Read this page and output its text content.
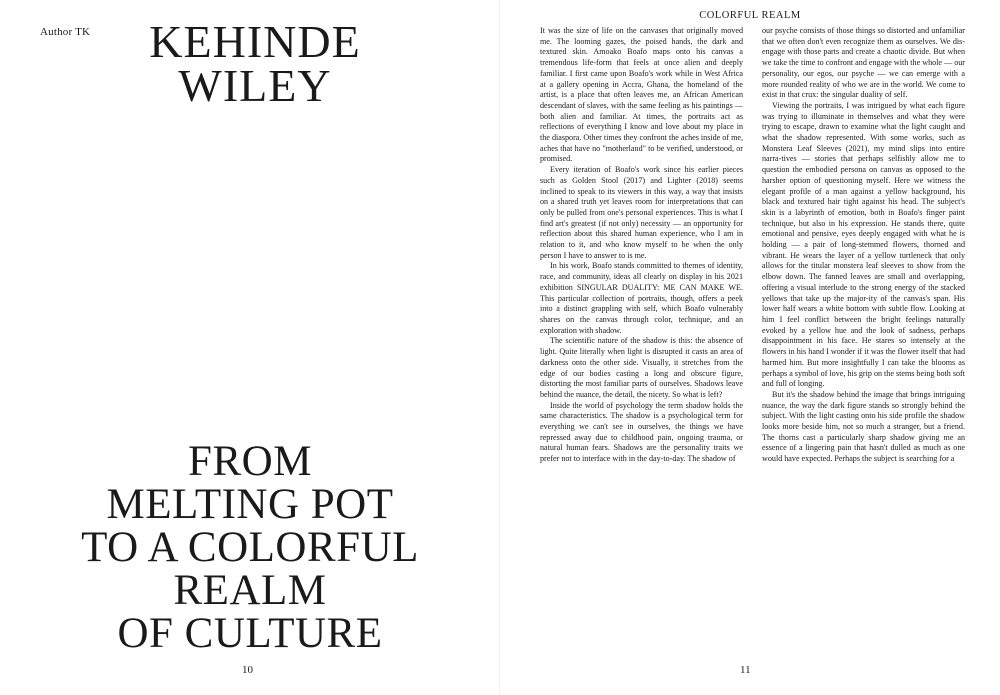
Author TK	KEHINDE
WILEY
FROM
MELTING POT
TO A COLORFUL
REALM
OF CULTURE
10
COLORFUL REALM

It was the size of life on the canvases that originally moved me. The looming gazes, the poised hands, the dark and textured skin. Amoako Boafo maps onto his canvas a tremendous life-form that feels at once alien and deeply familiar. I first came upon Boafo's work while in West Africa at a gallery opening in Accra, Ghana, the homeland of the artist, is a place that often leaves me, an African American descendant of slaves, with the same feeling as his paintings — both alien and familiar. At times, the portraits act as reflections of everything I know and love about my place in the diaspora. Other times they confront the aches inside of me, aches that have no "motherland" to be verified, understood, or promised.

Every iteration of Boafo's work since his earlier pieces such as Golden Stool (2017) and Lighter (2018) seems inclined to speak to its viewers in this way, a way that insists on a shared truth yet leaves room for interpretations that can only be pulled from one's personal experiences. This is what I find art's greatest (if not only) necessity — an opportunity for reflection about this shared human experience, who I am in relation to it, and who know myself to be when the only person I have to answer to is me.

In his work, Boafo stands committed to themes of identity, race, and community, ideas all clearly on display in his 2021 exhibition SINGULAR DUALITY: ME CAN MAKE WE. This particular collection of portraits, though, offers a peek into a distinct grappling with self, which Boafo vulnerably shares on the canvas through color, technique, and an exploration with shadow.

The scientific nature of the shadow is this: the absence of light. Quite literally when light is disrupted it casts an area of darkness onto the other side. Visually, it stretches from the edge of our bodies casting a long and obscure figure, distorting the most familiar parts of ourselves. Shadows leave behind the nuance, the detail, the nicety. So what is left?

Inside the world of psychology the term shadow holds the same characteristics. The shadow is a psychological term for everything we can't see in ourselves, the things we have repressed away due to childhood pain, ongoing trauma, or natural human fears. Shadows are the personality traits we prefer not to interface with in the day-to-day. The shadow of

our psyche consists of those things so distorted and unfamiliar that we often don't even recognize them as ourselves. We dis-engage with those parts and create a chaotic divide. But when we take the time to confront and engage with the whole — our personality, our egos, our psyche — we can emerge with a more rounded reality of who we are in the world. We come to exist in that crux: the singular duality of self.

Viewing the portraits, I was intrigued by what each figure was trying to illuminate in themselves and what they were trying to escape, drawn to examine what the light caught and what the shadow represented. With some works, such as Monstera Leaf Sleeves (2021), my mind slips into entire narra-tives — stories that perhaps selfishly allow me to question the embodied persona on canvas as opposed to the harsher option of questioning myself. Here we witness the elegant profile of a man against a yellow background, his black and textured hair tight against his head. The subject's skin is a labyrinth of emotion, both in Boafo's finger paint technique, but also in his expression. He stands there, quite emotional and pensive, eyes deeply engaged with what he is holding — a pair of long-stemmed flowers, thorned and vibrant. He wears the layer of a yellow turtleneck that only allows for the titular monstera leaf sleeves to show from the elbow down. The fanned leaves are small and overlapping, offering a visual interlude to the strong energy of the stacked yellows that take up the major-ity of the canvas's span. His lower half wears a white bottom with subtle flow. Looking at him I feel conflict between the bright feelings naturally evoked by a yellow hue and the look of sadness, perhaps disappointment in his face. He stares so intensely at the flowers in his hand I wonder if it was the flower itself that had harmed him. But more insightfully I can take the blooms as perhaps a symbol of love, his grip on the stems being both soft and full of longing.

But it's the shadow behind the image that brings intriguing nuance, the way the dark figure stands so strongly behind the subject. With the light casting onto his side profile the shadow looks more beside him, not so much a stranger, but a friend. The thorns cast a particularly sharp shadow giving me an essence of a lingering pain that hasn't dulled as much as one would have expected. Perhaps the subject is searching for a

11
